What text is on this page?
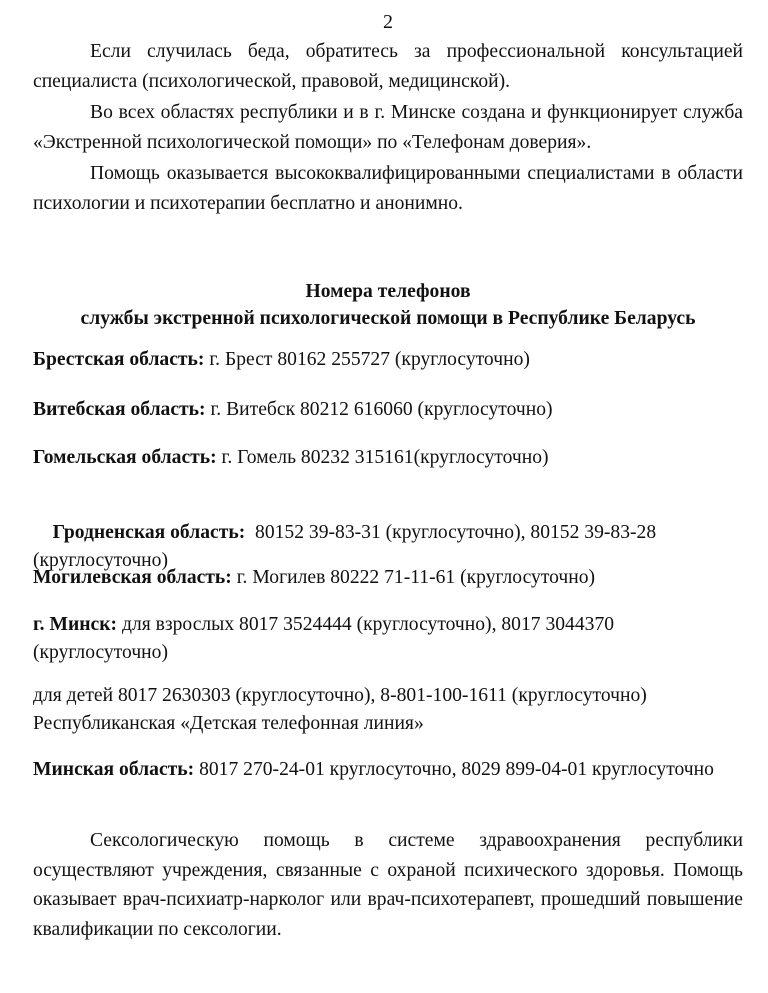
2

Если случилась беда, обратитесь за профессиональной консультацией специалиста (психологической, правовой, медицинской).

Во всех областях республики и в г. Минске создана и функционирует служба «Экстренной психологической помощи» по «Телефонам доверия».

Помощь оказывается высококвалифицированными специалистами в области психологии и психотерапии бесплатно и анонимно.

Номера телефонов
службы экстренной психологической помощи в Республике Беларусь

Брестская область: г. Брест 80162 255727 (круглосуточно)

Витебская область: г. Витебск 80212 616060 (круглосуточно)

Гомельская область: г. Гомель 80232 315161(круглосуточно)

Гродненская область:  80152 39-83-31 (круглосуточно), 80152 39-83-28 (круглосуточно)

Могилевская область: г. Могилев 80222 71-11-61 (круглосуточно)

г. Минск: для взрослых 8017 3524444 (круглосуточно), 8017 3044370 (круглосуточно)

для детей 8017 2630303 (круглосуточно), 8-801-100-1611 (круглосуточно)
Республиканская «Детская телефонная линия»

Минская область: 8017 270-24-01 круглосуточно, 8029 899-04-01 круглосуточно

Сексологическую помощь в системе здравоохранения республики осуществляют учреждения, связанные с охраной психического здоровья. Помощь оказывает врач-психиатр-нарколог или врач-психотерапевт, прошедший повышение квалификации по сексологии.
